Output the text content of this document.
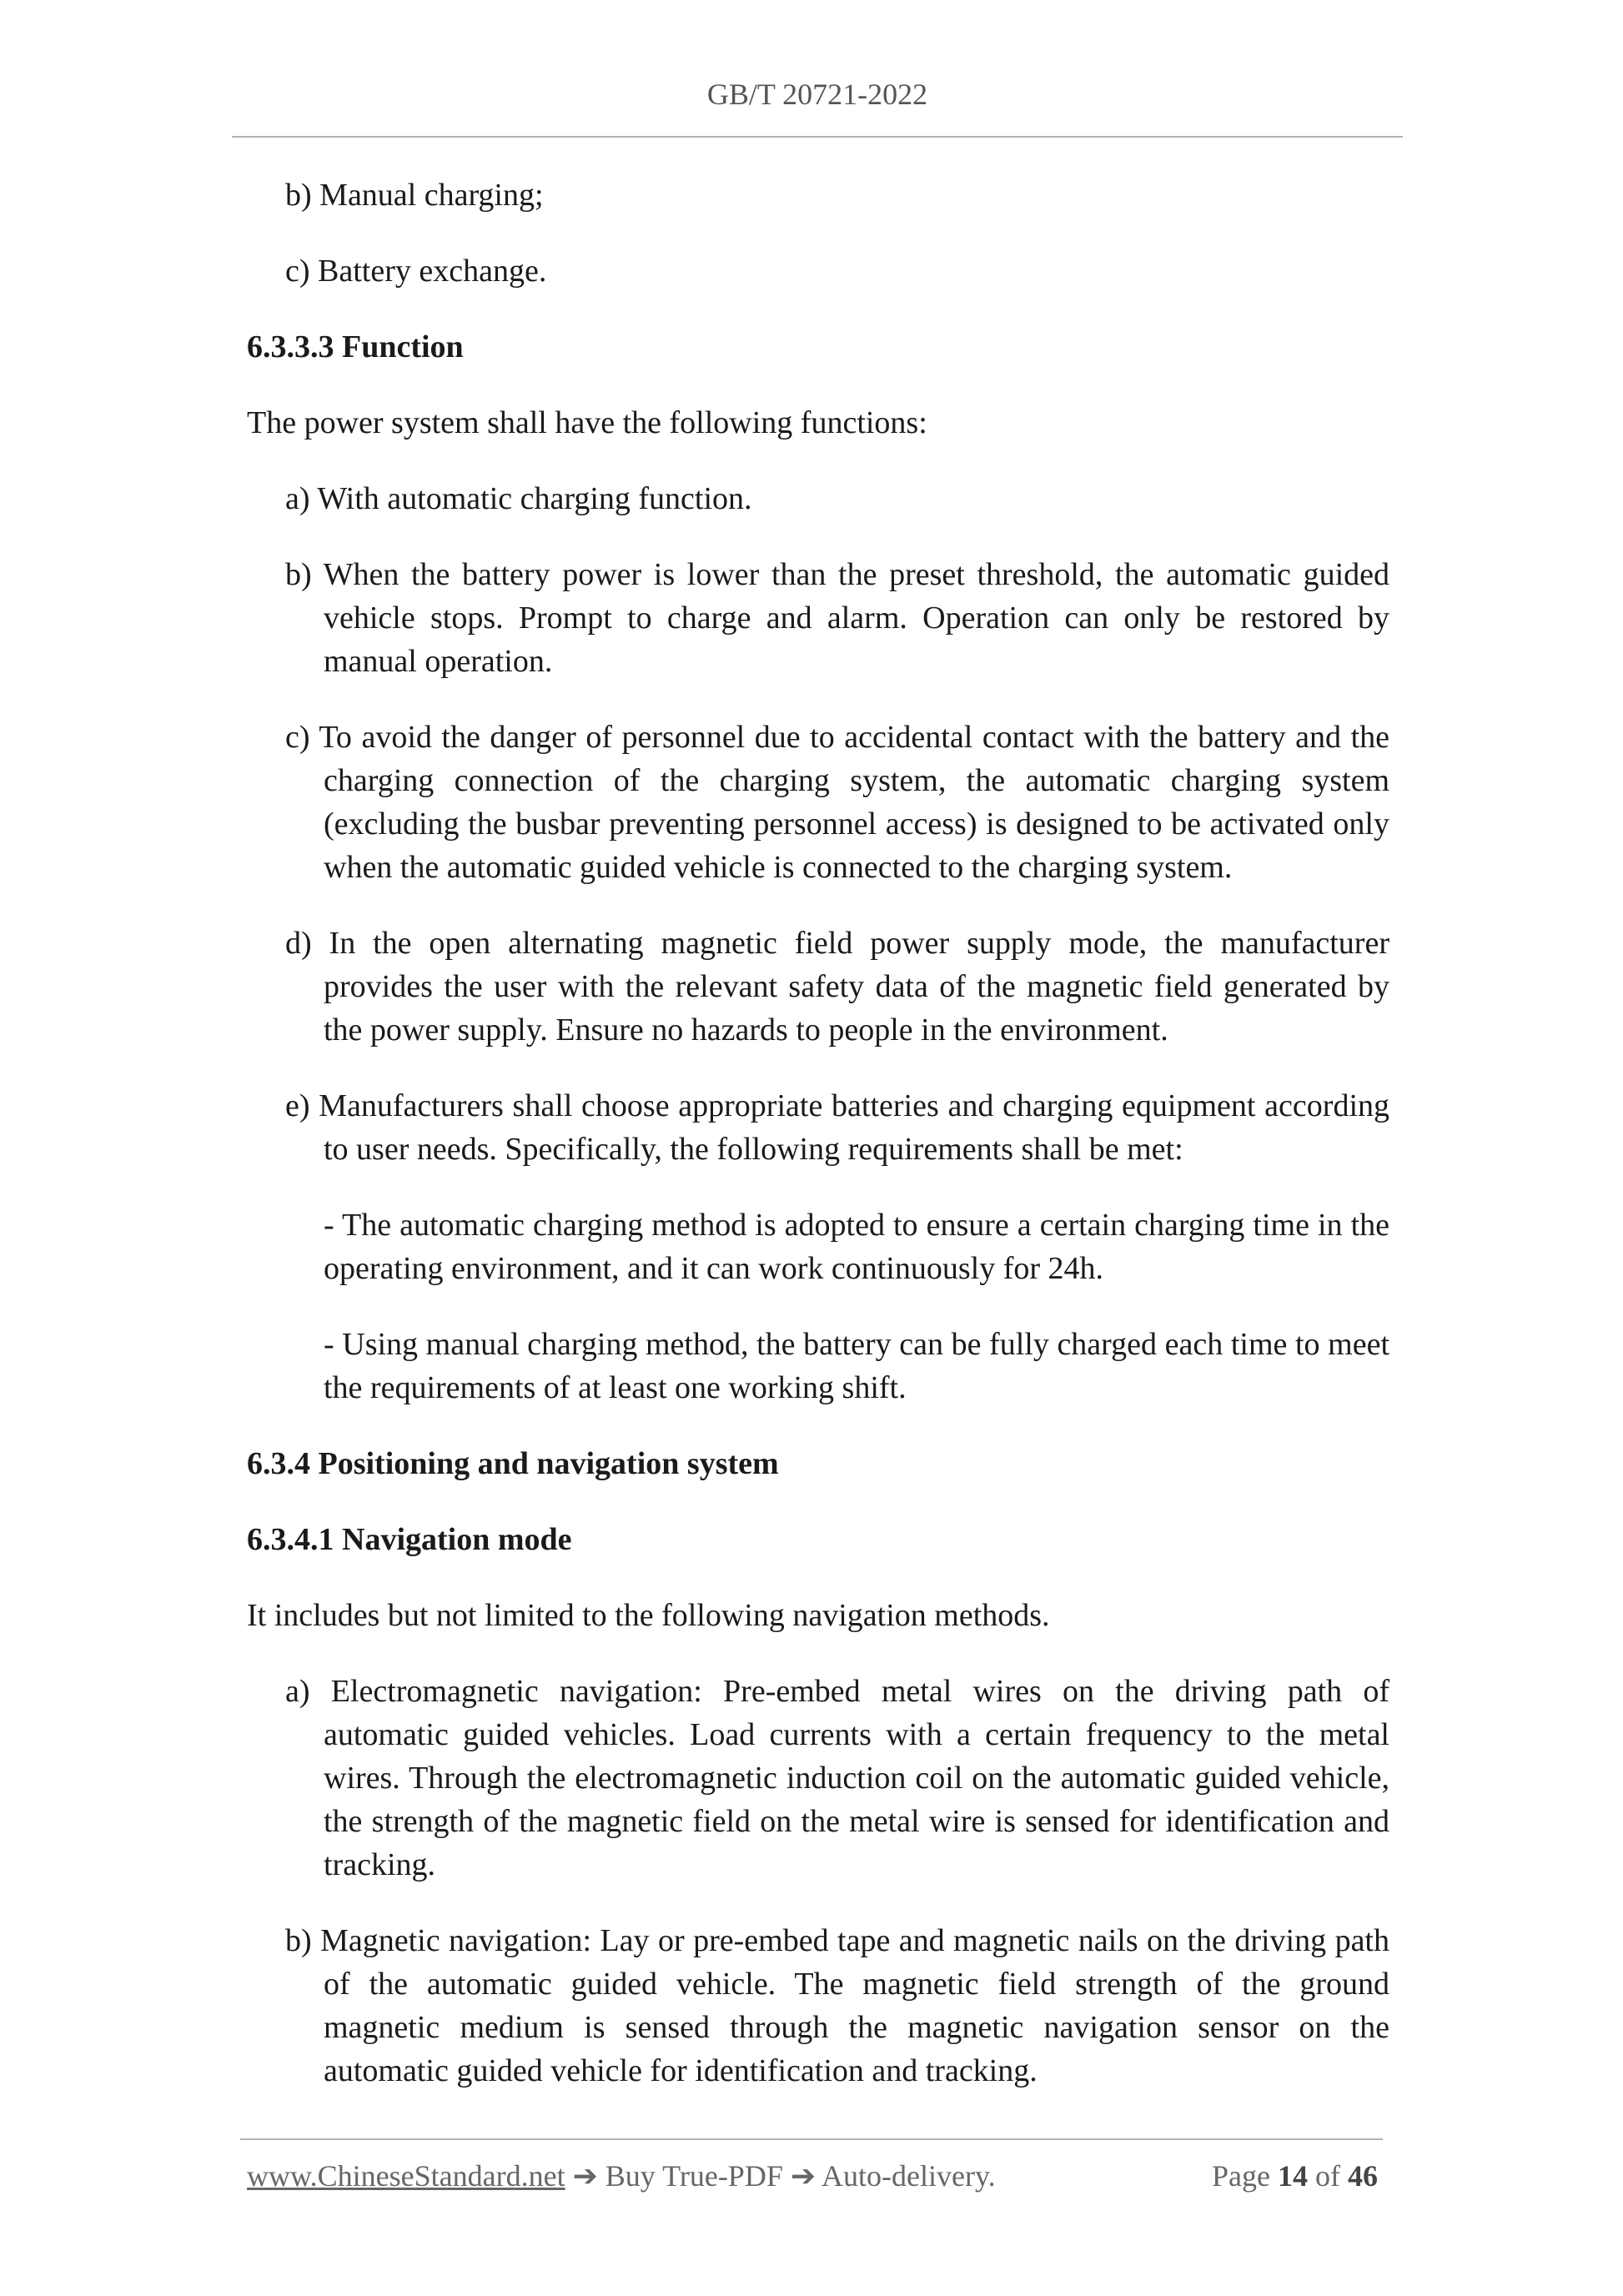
GB/T 20721-2022

b) Manual charging;

c) Battery exchange.

6.3.3.3 Function

The power system shall have the following functions:

a) With automatic charging function.

b) When the battery power is lower than the preset threshold, the automatic guided vehicle stops. Prompt to charge and alarm. Operation can only be restored by manual operation.

c) To avoid the danger of personnel due to accidental contact with the battery and the charging connection of the charging system, the automatic charging system (excluding the busbar preventing personnel access) is designed to be activated only when the automatic guided vehicle is connected to the charging system.

d) In the open alternating magnetic field power supply mode, the manufacturer provides the user with the relevant safety data of the magnetic field generated by the power supply. Ensure no hazards to people in the environment.

e) Manufacturers shall choose appropriate batteries and charging equipment according to user needs. Specifically, the following requirements shall be met:

- The automatic charging method is adopted to ensure a certain charging time in the operating environment, and it can work continuously for 24h.

- Using manual charging method, the battery can be fully charged each time to meet the requirements of at least one working shift.

6.3.4 Positioning and navigation system

6.3.4.1 Navigation mode

It includes but not limited to the following navigation methods.

a) Electromagnetic navigation: Pre-embed metal wires on the driving path of automatic guided vehicles. Load currents with a certain frequency to the metal wires. Through the electromagnetic induction coil on the automatic guided vehicle, the strength of the magnetic field on the metal wire is sensed for identification and tracking.

b) Magnetic navigation: Lay or pre-embed tape and magnetic nails on the driving path of the automatic guided vehicle. The magnetic field strength of the ground magnetic medium is sensed through the magnetic navigation sensor on the automatic guided vehicle for identification and tracking.

www.ChineseStandard.net ➔ Buy True-PDF ➔ Auto-delivery.	Page 14 of 46
